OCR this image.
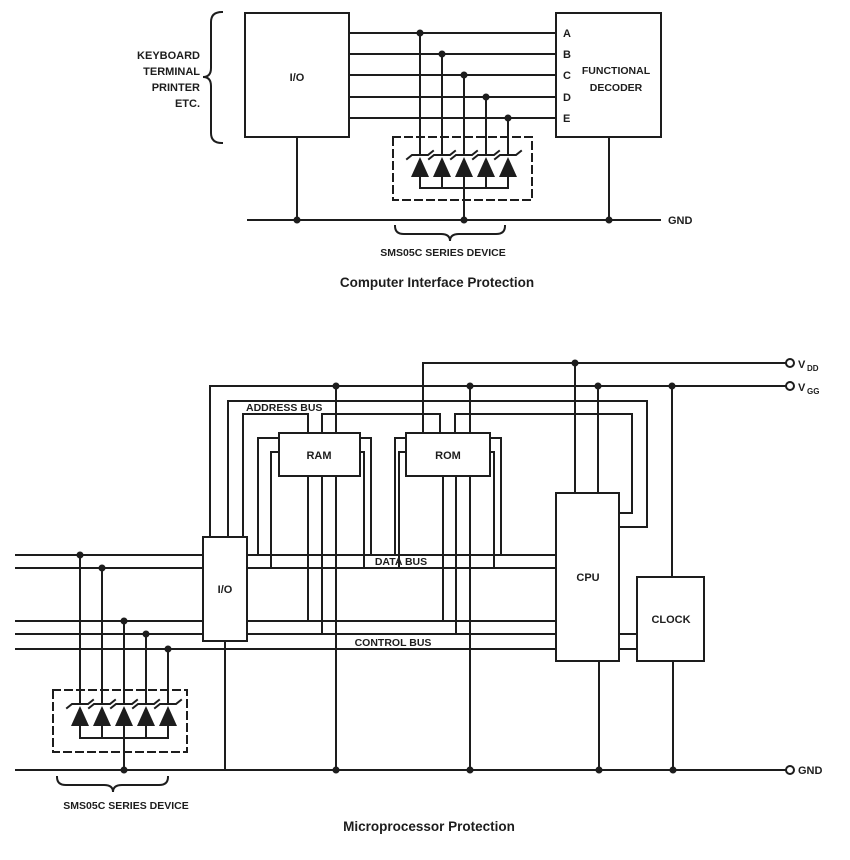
KEYBOARD
TERMINAL
PRINTER
ETC.
I/O
FUNCTIONAL
DECODER
A
B
C
D
E
GND
SMS05C SERIES DEVICE
Computer Interface Protection
ADDRESS BUS
DATA BUS
CONTROL BUS
RAM	ROM
CPU
CLOCK
I/O
V DD
V GG
GND
SMS05C SERIES DEVICE
Microprocessor Protection
